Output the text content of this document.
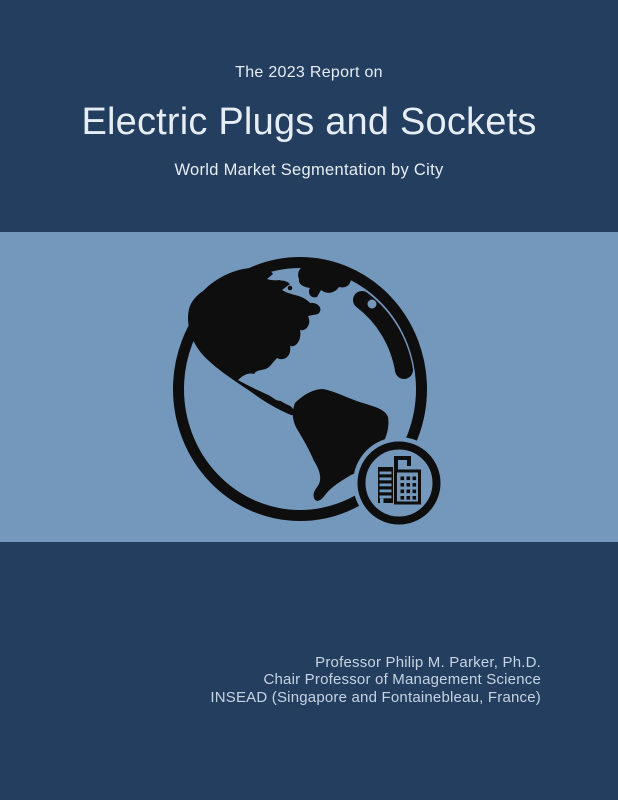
The 2023 Report on

Electric Plugs and Sockets

World Market Segmentation by City

Professor Philip M. Parker, Ph.D.

Chair Professor of Management Science

INSEAD (Singapore and Fontainebleau, France)
